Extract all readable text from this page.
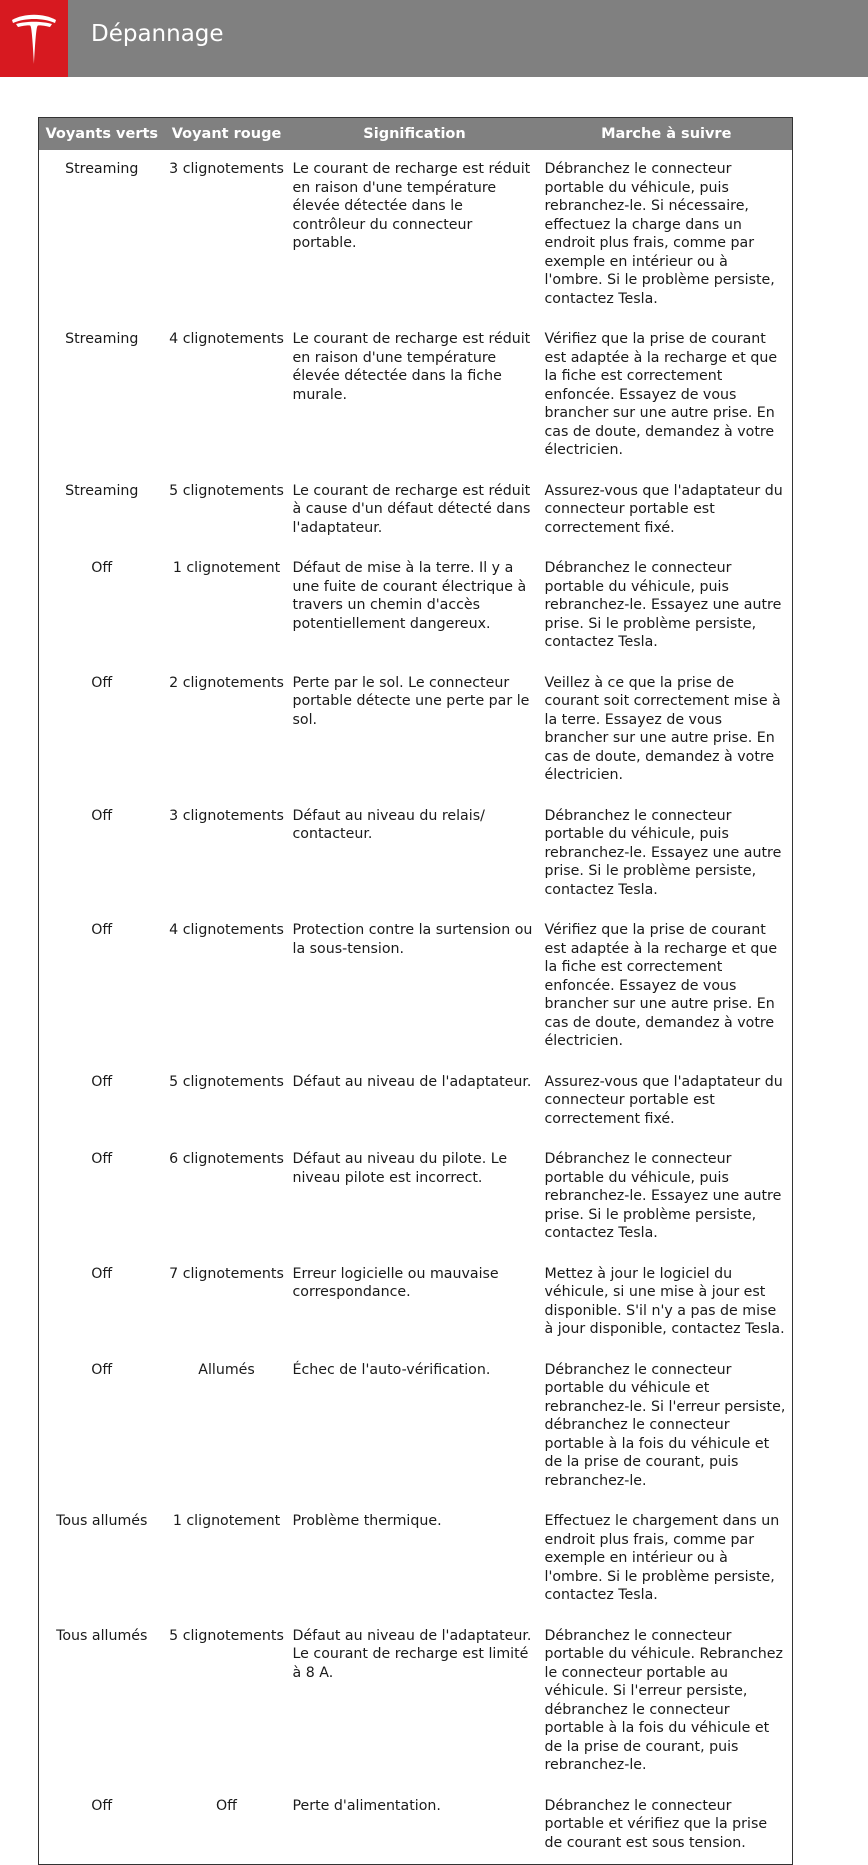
Dépannage
Voyants verts	Voyant rouge	Signification	Marche à suivre
Streaming	3 clignotements	Le courant de recharge est réduit en raison d'une température élevée détectée dans le contrôleur du connecteur portable.	Débranchez le connecteur portable du véhicule, puis rebranchez-le. Si nécessaire, effectuez la charge dans un endroit plus frais, comme par exemple en intérieur ou à l'ombre. Si le problème persiste, contactez Tesla.
Streaming	4 clignotements	Le courant de recharge est réduit en raison d'une température élevée détectée dans la fiche murale.	Vérifiez que la prise de courant est adaptée à la recharge et que la fiche est correctement enfoncée. Essayez de vous brancher sur une autre prise. En cas de doute, demandez à votre électricien.
Streaming	5 clignotements	Le courant de recharge est réduit à cause d'un défaut détecté dans l'adaptateur.	Assurez-vous que l'adaptateur du connecteur portable est correctement fixé.
Off	1 clignotement	Défaut de mise à la terre. Il y a une fuite de courant électrique à travers un chemin d'accès potentiellement dangereux.	Débranchez le connecteur portable du véhicule, puis rebranchez-le. Essayez une autre prise. Si le problème persiste, contactez Tesla.
Off	2 clignotements	Perte par le sol. Le connecteur portable détecte une perte par le sol.	Veillez à ce que la prise de courant soit correctement mise à la terre. Essayez de vous brancher sur une autre prise. En cas de doute, demandez à votre électricien.
Off	3 clignotements	Défaut au niveau du relais/ contacteur.	Débranchez le connecteur portable du véhicule, puis rebranchez-le. Essayez une autre prise. Si le problème persiste, contactez Tesla.
Off	4 clignotements	Protection contre la surtension ou la sous-tension.	Vérifiez que la prise de courant est adaptée à la recharge et que la fiche est correctement enfoncée. Essayez de vous brancher sur une autre prise. En cas de doute, demandez à votre électricien.
Off	5 clignotements	Défaut au niveau de l'adaptateur.	Assurez-vous que l'adaptateur du connecteur portable est correctement fixé.
Off	6 clignotements	Défaut au niveau du pilote. Le niveau pilote est incorrect.	Débranchez le connecteur portable du véhicule, puis rebranchez-le. Essayez une autre prise. Si le problème persiste, contactez Tesla.
Off	7 clignotements	Erreur logicielle ou mauvaise correspondance.	Mettez à jour le logiciel du véhicule, si une mise à jour est disponible. S'il n'y a pas de mise à jour disponible, contactez Tesla.
Off	Allumés	Échec de l'auto-vérification.	Débranchez le connecteur portable du véhicule et rebranchez-le. Si l'erreur persiste, débranchez le connecteur portable à la fois du véhicule et de la prise de courant, puis rebranchez-le.
Tous allumés	1 clignotement	Problème thermique.	Effectuez le chargement dans un endroit plus frais, comme par exemple en intérieur ou à l'ombre. Si le problème persiste, contactez Tesla.
Tous allumés	5 clignotements	Défaut au niveau de l'adaptateur. Le courant de recharge est limité à 8 A.	Débranchez le connecteur portable du véhicule. Rebranchez le connecteur portable au véhicule. Si l'erreur persiste, débranchez le connecteur portable à la fois du véhicule et de la prise de courant, puis rebranchez-le.
Off	Off	Perte d'alimentation.	Débranchez le connecteur portable et vérifiez que la prise de courant est sous tension.
